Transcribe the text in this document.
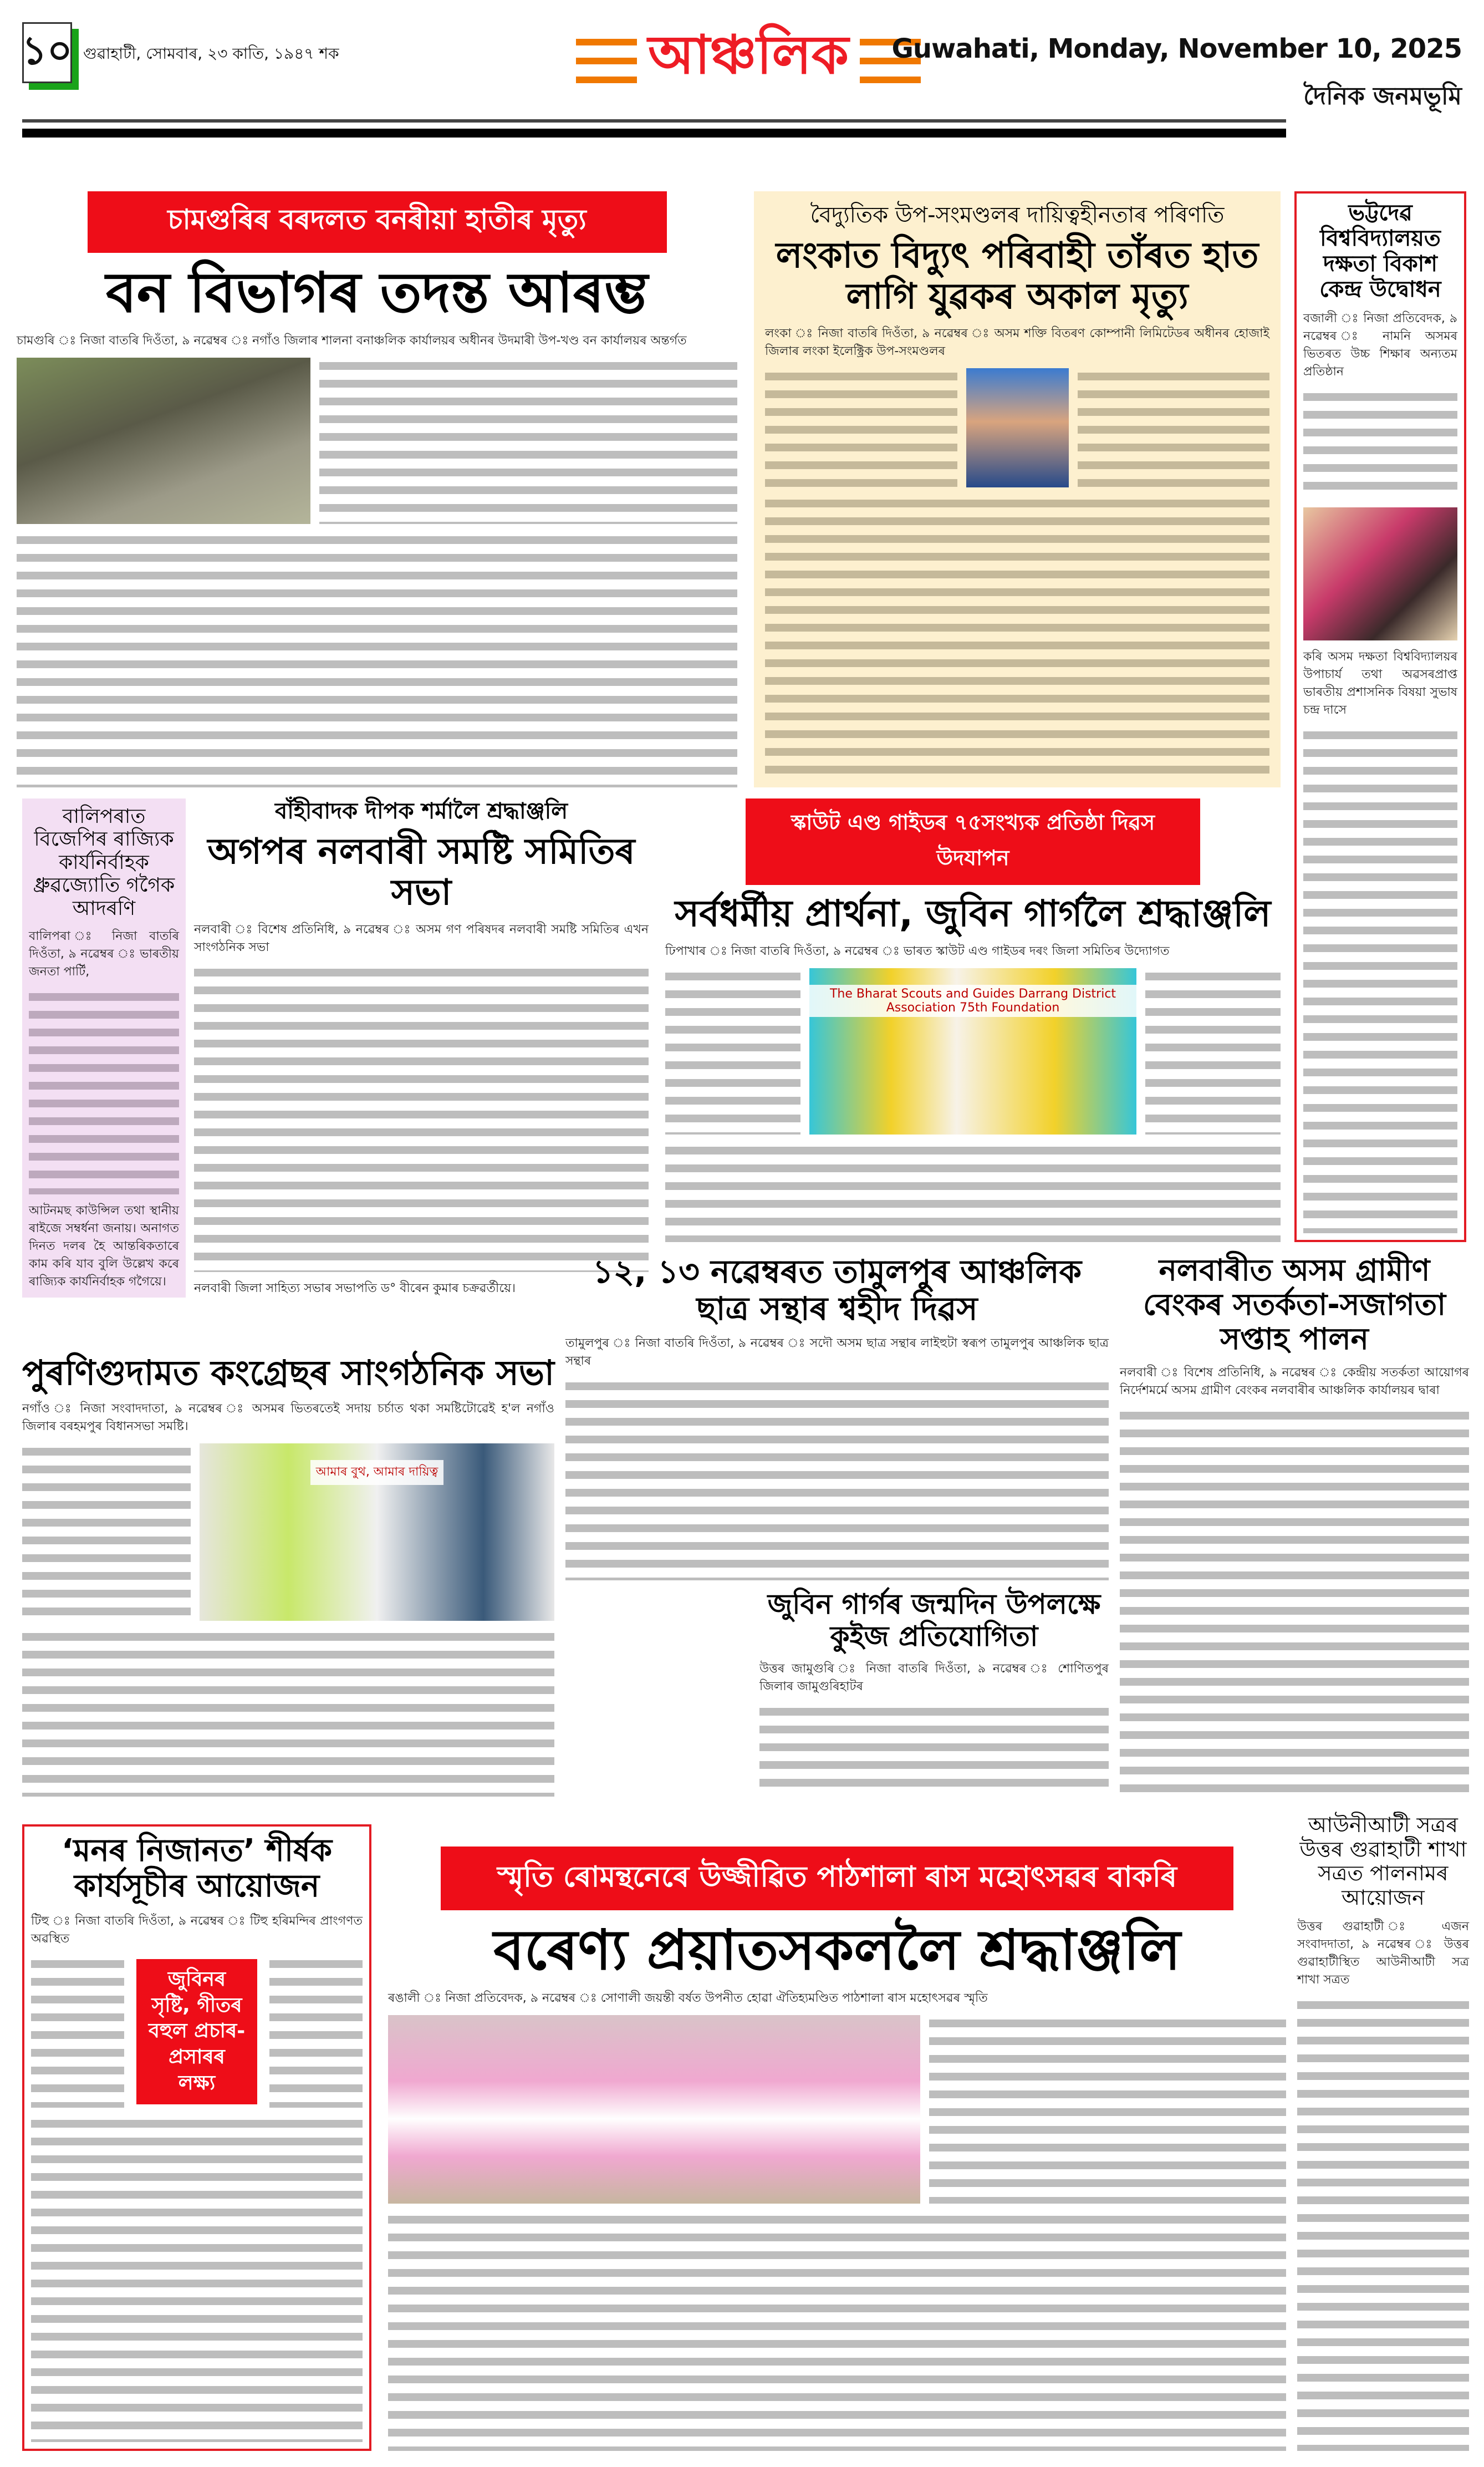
১০ গুৱাহাটী, সোমবাৰ, ২৩ কাতি, ১৯৪৭ শক	আঞ্চলিক Guwahati, Monday, November 10, 2025
দৈনিক জনমভূমি
চামগুৰিৰ বৰদলত বনৰীয়া হাতীৰ মৃত্যু
বন বিভাগৰ তদন্ত আৰম্ভ
চামগুৰি ঃ নিজা বাতৰি দিওঁতা, ৯ নৱেম্বৰ ঃ নগাঁও জিলাৰ শালনা বনাঞ্চলিক কাৰ্যালয়ৰ অধীনৰ উদমাৰী উপ-খণ্ড বন কাৰ্যালয়ৰ অন্তৰ্গত
বৈদ্যুতিক উপ-সংমণ্ডলৰ দায়িত্বহীনতাৰ পৰিণতি
লংকাত বিদ্যুৎ পৰিবাহী তাঁৰত হাত লাগি যুৱকৰ অকাল মৃত্যু
লংকা ঃ নিজা বাতৰি দিওঁতা, ৯ নৱেম্বৰ ঃ অসম শক্তি বিতৰণ কোম্পানী লিমিটেডৰ অধীনৰ হোজাই জিলাৰ লংকা ইলেক্ট্ৰিক উপ-সংমণ্ডলৰ
ভট্টদেৱ বিশ্ববিদ্যালয়ত দক্ষতা বিকাশ কেন্দ্ৰ উদ্বোধন
বজালী ঃ নিজা প্ৰতিবেদক, ৯ নৱেম্বৰ ঃ নামনি অসমৰ ভিতৰত উচ্চ শিক্ষাৰ অন্যতম প্ৰতিষ্ঠান
কৰি অসম দক্ষতা বিশ্ববিদ্যালয়ৰ উপাচাৰ্য তথা অৱসৰপ্ৰাপ্ত ভাৰতীয় প্ৰশাসনিক বিষয়া সুভাষ চন্দ্ৰ দাসে
বালিপৰাত বিজেপিৰ ৰাজ্যিক কাৰ্যনিৰ্বাহক ধ্ৰুৱজ্যোতি গগৈক আদৰণি
বালিপৰা ঃ নিজা বাতৰি দিওঁতা, ৯ নৱেম্বৰ ঃ ভাৰতীয় জনতা পাৰ্টি,
আটনমছ কাউন্সিল তথা স্থানীয় ৰাইজে সম্বৰ্ধনা জনায়। অনাগত দিনত দলৰ হৈ আন্তৰিকতাৰে কাম কৰি যাব বুলি উল্লেখ কৰে ৰাজ্যিক কাৰ্যনিৰ্বাহক গগৈয়ে।
বাঁহীবাদক দীপক শৰ্মালৈ শ্ৰদ্ধাঞ্জলি
অগপৰ নলবাৰী সমষ্টি সমিতিৰ সভা
নলবাৰী ঃ বিশেষ প্ৰতিনিধি, ৯ নৱেম্বৰ ঃ অসম গণ পৰিষদৰ নলবাৰী সমষ্টি সমিতিৰ এখন সাংগঠনিক সভা
নলবাৰী জিলা সাহিত্য সভাৰ সভাপতি ড° বীৰেন কুমাৰ চক্ৰৱৰ্তীয়ে।
স্কাউট এণ্ড গাইডৰ ৭৫সংখ্যক প্ৰতিষ্ঠা দিৱস উদযাপন
সৰ্বধৰ্মীয় প্ৰাৰ্থনা, জুবিন গাৰ্গলৈ শ্ৰদ্ধাঞ্জলি
ঢিপাখাৰ ঃ নিজা বাতৰি দিওঁতা, ৯ নৱেম্বৰ ঃ ভাৰত স্কাউট এণ্ড গাইডৰ দৰং জিলা সমিতিৰ উদ্যোগত
The Bharat Scouts and Guides Darrang District Association 75th Foundation
১২, ১৩ নৱেম্বৰত তামুলপুৰ আঞ্চলিক ছাত্ৰ সন্থাৰ শ্বহীদ দিৱস
তামুলপুৰ ঃ নিজা বাতৰি দিওঁতা, ৯ নৱেম্বৰ ঃ সদৌ অসম ছাত্ৰ সন্থাৰ লাইহুটা স্বৰূপ তামুলপুৰ আঞ্চলিক ছাত্ৰ সন্থাৰ
নলবাৰীত অসম গ্ৰামীণ বেংকৰ সতৰ্কতা-সজাগতা সপ্তাহ পালন
নলবাৰী ঃ বিশেষ প্ৰতিনিধি, ৯ নৱেম্বৰ ঃ কেন্দ্ৰীয় সতৰ্কতা আয়োগৰ নিৰ্দেশমৰ্মে অসম গ্ৰামীণ বেংকৰ নলবাৰীৰ আঞ্চলিক কাৰ্যালয়ৰ দ্বাৰা
পুৰণিগুদামত কংগ্ৰেছৰ সাংগঠনিক সভা
নগাঁও ঃ নিজা সংবাদদাতা, ৯ নৱেম্বৰ ঃ অসমৰ ভিতৰতেই সদায় চৰ্চাত থকা সমষ্টিটোৱেই হ'ল নগাঁও জিলাৰ বৰহমপুৰ বিধানসভা সমষ্টি।
আমাৰ বুথ, আমাৰ দায়িত্ব
জুবিন গাৰ্গৰ জন্মদিন উপলক্ষে কুইজ প্ৰতিযোগিতা
উত্তৰ জামুগুৰি ঃ নিজা বাতৰি দিওঁতা, ৯ নৱেম্বৰ ঃ শোণিতপুৰ জিলাৰ জামুগুৰিহাটৰ
‘মনৰ নিজানত’ শীৰ্ষক কাৰ্যসূচীৰ আয়োজন
টিহু ঃ নিজা বাতৰি দিওঁতা, ৯ নৱেম্বৰ ঃ টিহু হৰিমন্দিৰ প্ৰাংগণত অৱস্থিত
জুবিনৰ সৃষ্টি, গীতৰ বহুল প্ৰচাৰ-প্ৰসাৰৰ লক্ষ্য
স্মৃতি ৰোমন্থনেৰে উজ্জীৱিত পাঠশালা ৰাস মহোৎসৱৰ বাকৰি
বৰেণ্য প্ৰয়াতসকললৈ শ্ৰদ্ধাঞ্জলি
ৰঙালী ঃ নিজা প্ৰতিবেদক, ৯ নৱেম্বৰ ঃ সোণালী জয়ন্তী বৰ্ষত উপনীত হোৱা ঐতিহ্যমণ্ডিত পাঠশালা ৰাস মহোৎসৱৰ স্মৃতি
আউনীআটী সত্ৰৰ উত্তৰ গুৱাহাটী শাখা সত্ৰত পালনামৰ আয়োজন
উত্তৰ গুৱাহাটী ঃ এজন সংবাদদাতা, ৯ নৱেম্বৰ ঃ উত্তৰ গুৱাহাটীস্থিত আউনীআটী সত্ৰ শাখা সত্ৰত
